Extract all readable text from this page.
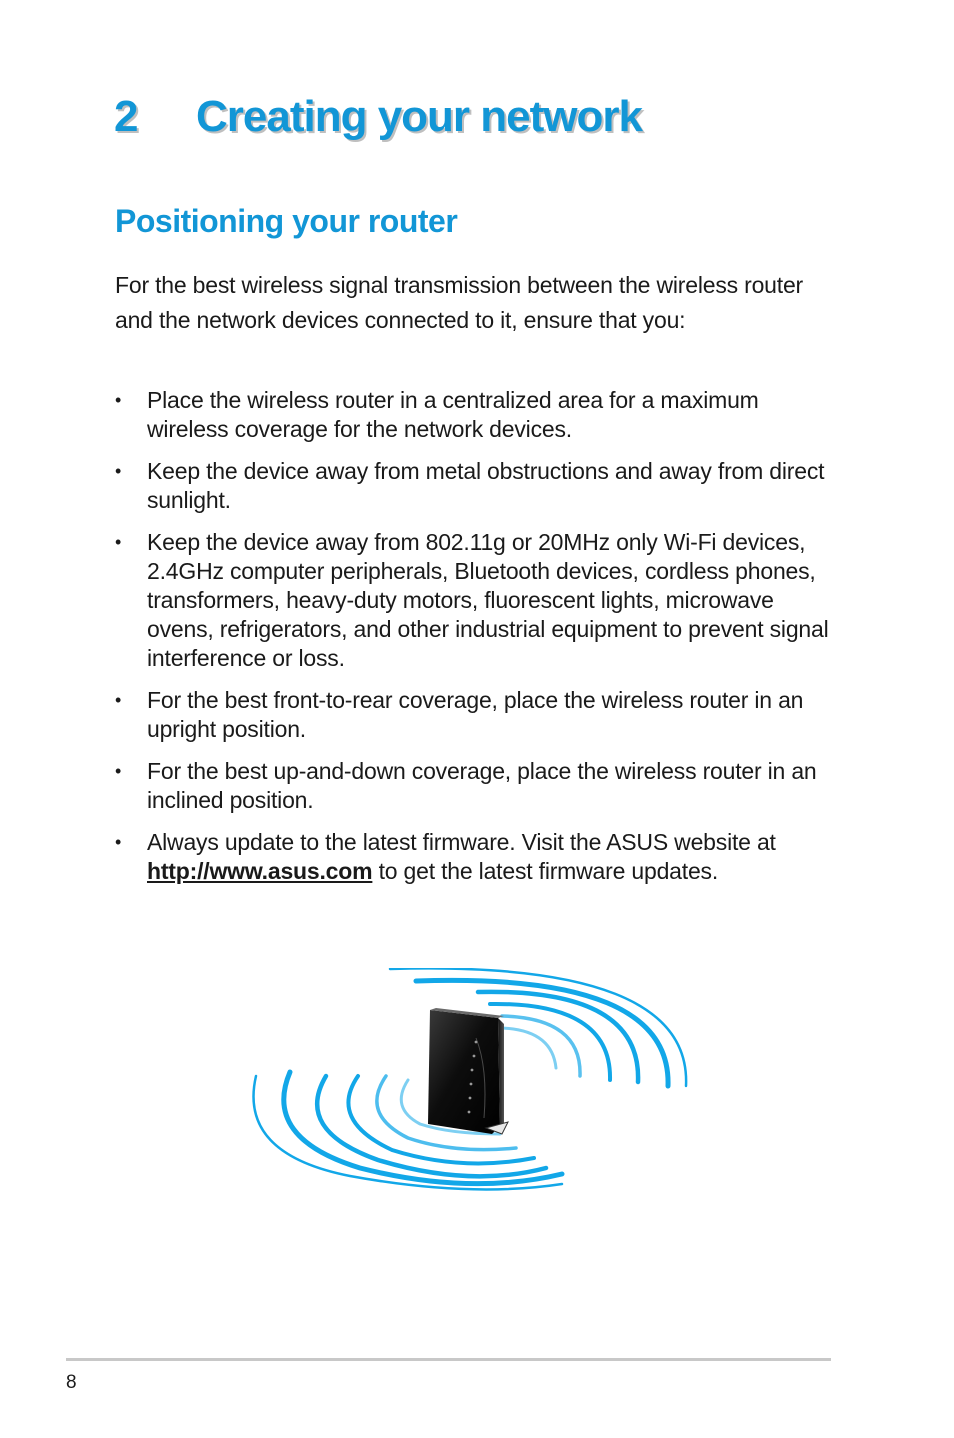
2 Creating your network
Positioning your router

For the best wireless signal transmission between the wireless router and the network devices connected to it, ensure that you:

• Place the wireless router in a centralized area for a maximum wireless coverage for the network devices.
• Keep the device away from metal obstructions and away from direct sunlight.
• Keep the device away from 802.11g or 20MHz only Wi-Fi devices, 2.4GHz computer peripherals, Bluetooth devices, cordless phones, transformers, heavy-duty motors, fluorescent lights, microwave ovens, refrigerators, and other industrial equipment to prevent signal interference or loss.
• For the best front-to-rear coverage, place the wireless router in an upright position.
• For the best up-and-down coverage, place the wireless router in an inclined position.
• Always update to the latest firmware. Visit the ASUS website at http://www.asus.com to get the latest firmware updates.
8
